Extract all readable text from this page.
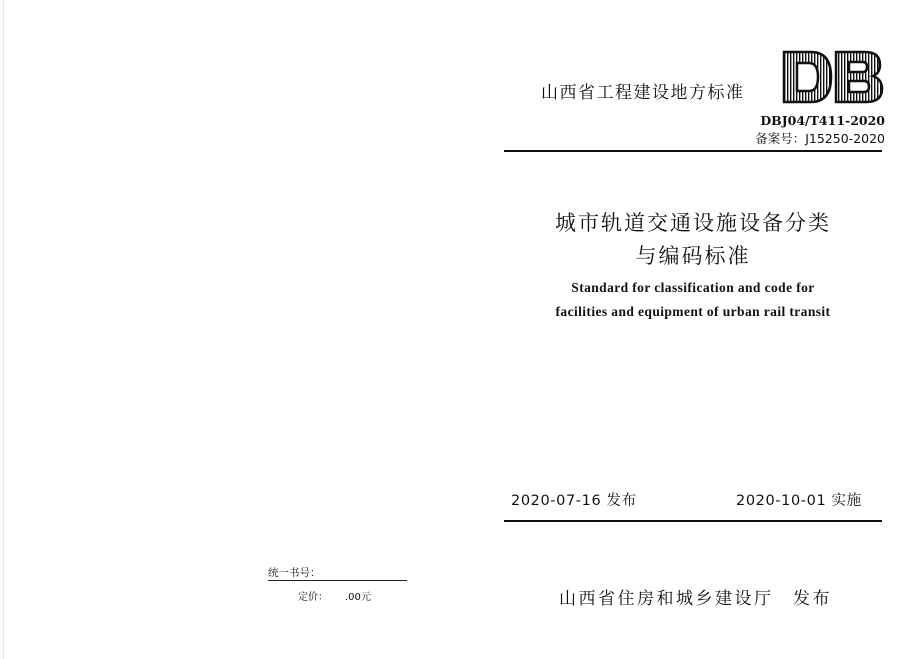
山西省工程建设地方标准
DBJ04/T411-2020
备案号：J15250-2020
城市轨道交通设施设备分类
与编码标准
Standard for classification and code for
facilities and equipment of urban rail transit
2020-07-16 发布	2020-10-01 实施
山西省住房和城乡建设厅　发布
统一书号：
定价： .00元
